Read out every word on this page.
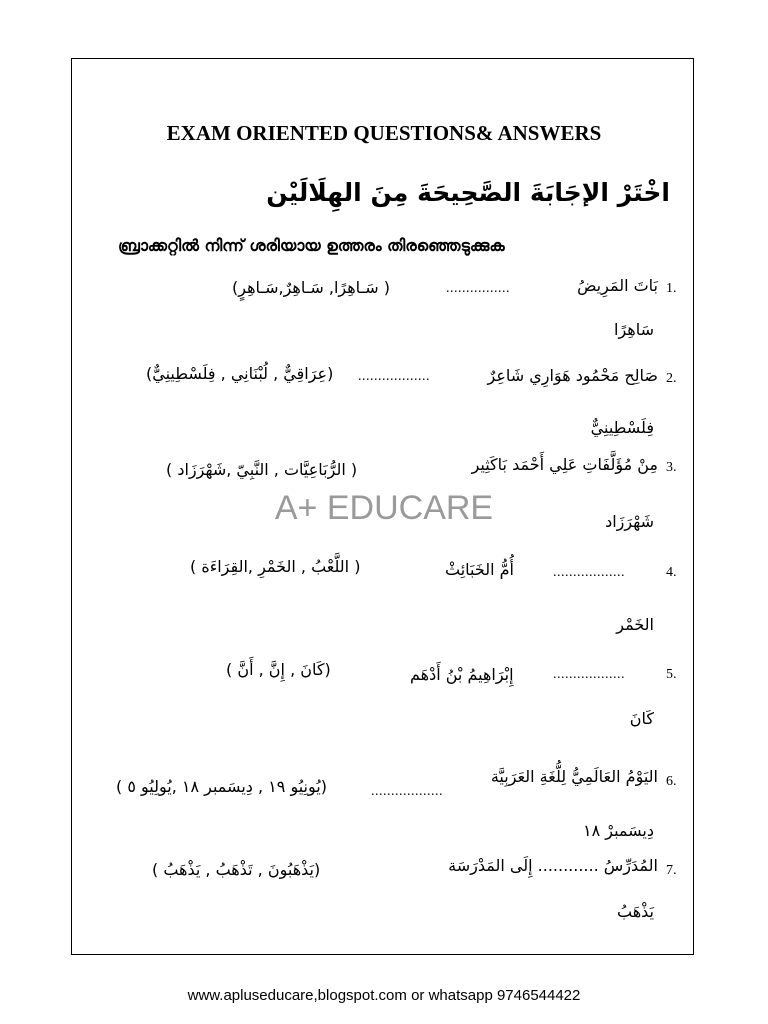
EXAM ORIENTED QUESTIONS& ANSWERS
اخْتَرْ الإجَابَةَ الصَّحِيحَةَ مِنَ الهِلَالَيْن
ബ്രാക്കറ്റിൽ നിന്ന് ശരിയായ ഉത്തരം തിരഞ്ഞെടുക്കുക
1.
بَاتَ المَرِيضُ
................
( سَـاهِرًا, سَـاهِرٌ,سَـاهِرٍ)
سَاهِرًا
2.
صَالِح مَحْمُود هَوَارِي شَاعِرٌ
..................
(عِرَاقِيٌّ , لُبْنَانِي , فِلَسْطِينِيٌّ)
فِلَسْطِينِيٌّ
3.
مِنْ مُؤَلَّفَاتِ عَلِي أَحْمَد بَاكَثِير
( الرُّبَاعِيَّات , النَّبِيّ ,شَهْرَزَاد )
شَهْرَزَاد
4.
..................
أُمُّ الخَبَائِثْ
( اللَّعْبُ , الخَمْرِ ,القِرَاءَة )
الخَمْر
5.
..................
إِبْرَاهِيمُ بْنُ أَدْهَم
(كَانَ , إِنَّ , أَنَّ )
كَانَ
6.
اليَوْمُ العَالَمِيُّ لِلُّغَةِ العَرَبِيَّة
..................
(يُونِيُو ١٩ , دِيسَمبر ١٨ ,يُولِيُو ٥ )
دِيسَمبرْ ١٨
7.
المُدَرِّسُ ............ إِلَى المَدْرَسَة
(يَذْهَبُونَ , تَذْهَبُ , يَذْهَبُ )
يَذْهَبُ
A+ EDUCARE
www.apluseducare,blogspot.com or whatsapp 9746544422
